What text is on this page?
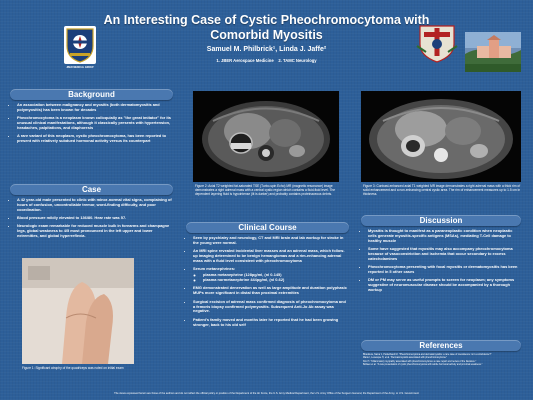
JBER MEDICAL GROUP
An Interesting Case of Cystic Pheochromocytoma with
Comorbid Myositis
Samuel M. Philbrick¹, Linda J. Jaffe²
1. JBER Aerospace Medicine    2. TAMC Neurology
Background
• An association between malignancy and myositis (both dermatomyositis and polymyositis) has been known for decades
• Pheochromocytoma is a neoplasm known colloquially as "the great imitator" for its unusual clinical manifestations, although it classically presents with hypertension, headaches, palpitations, and diaphoresis
• A rare variant of this neoplasm, cystic pheochromocytoma, has been reported to present with relatively subdued hormonal activity versus its counterpart
Case
• A 42 year-old male presented to clinic with minor-normal vital signs, complaining of hours of confusion, uncontrollable tremor, word-finding difficulty, and poor coordination.
• Blood pressure mildly elevated to 136/80. Hear rate was 57.
• Neurologic exam remarkable for reduced muscle bulk in forearms and champagne legs, global weakness to 4/5 most pronounced in the left upper and lower extremities, and global hyperreflexia.
Figure 1: Significant atrophy of the quadriceps was noted on initial exam
Figure 2: Axial T2 weighted fat-saturated TSE (Turbo-spin Echo) MR (magnetic resonance) image demonstrates a right adrenal mass with a central cystic region which contains a fluid-fluid level. The dependent layering fluid is hypointense (lit is darker) and probably contains proteinaceous debris.
Clinical Course
• Seen by psychiatry and neurology, CT and MRI brain and lab workup for stroke in the young were normal.
• An MRI spine revealed incidental liver masses and an adrenal mass, which follow-up imaging determined to be benign hemangiomas and a rim-enhancing adrenal mass with a fluid level consistent with pheochromocytoma
• Serum metanephrines:
◦ plasma metanephrine (128pg/ml, (nl 0-145)
◦ plasma normetanephrine 444pg/ml, (nl 0-62)
• EMG demonstrated denervation as well as large amplitude and duration polyphasic MUPs more significant in distal than proximal extremities
• Surgical excision of adrenal mass confirmed diagnosis of pheochromocytoma and a femoris biopsy confirmed polymyositis. Subsequent Anti-Jo Ab assay was negative.
• Patient's family moved and months later he reported that he had been growing stronger, back to his old self
Figure 3: Contrast-enhanced axial T1 weighted MR image demonstrates a right adrenal mass with a thick rim of solid enhancement and a non-enhancing central cystic area. The rim of enhancement measures up to 1.5 cm in thickness.
Discussion
• Myositis is thought to manifest as a paraneoplastic condition when neoplastic cells generate myositis-specific antigens (MSAs), mediating T-Cell damage to healthy muscle
• Some have suggested that myositis may also accompany pheochromocytoma because of vasoconstriction and ischemia that occur secondary to excess catecholamines
• Pheochromocytoma presenting with focal myositis or dermatomyositis has been reported in 5 other cases
• DM or PM may serve as useful prompts to screen for neoplasm; any symptoms suggestive of neuromuscular disease should be accompanied by a thorough workup
References
Bhadoura, Nazar J, Parkelband M. "Pheochromocytoma and dermatomyositis: a rare case of coexistence: is it a coincidence?"
Marie I, Levesque H, et al. "Dermatomyositis associated with pheochromocytoma."
Kim H. "Inflammatory myopathy associated with pheochromocytoma: a case report and review of the literature."
Boltaev et al. "A rare presentation of cystic pheochromocytoma with subtle hormonal activity and proximal weakness."
The views expressed herein are those of the authors and do not reflect the official policy or position of the Department of the Air Force, the U.S. Army Medical Department, the U.S. Army Office of the Surgeon General, the Department of the Army, or U.S. Government
